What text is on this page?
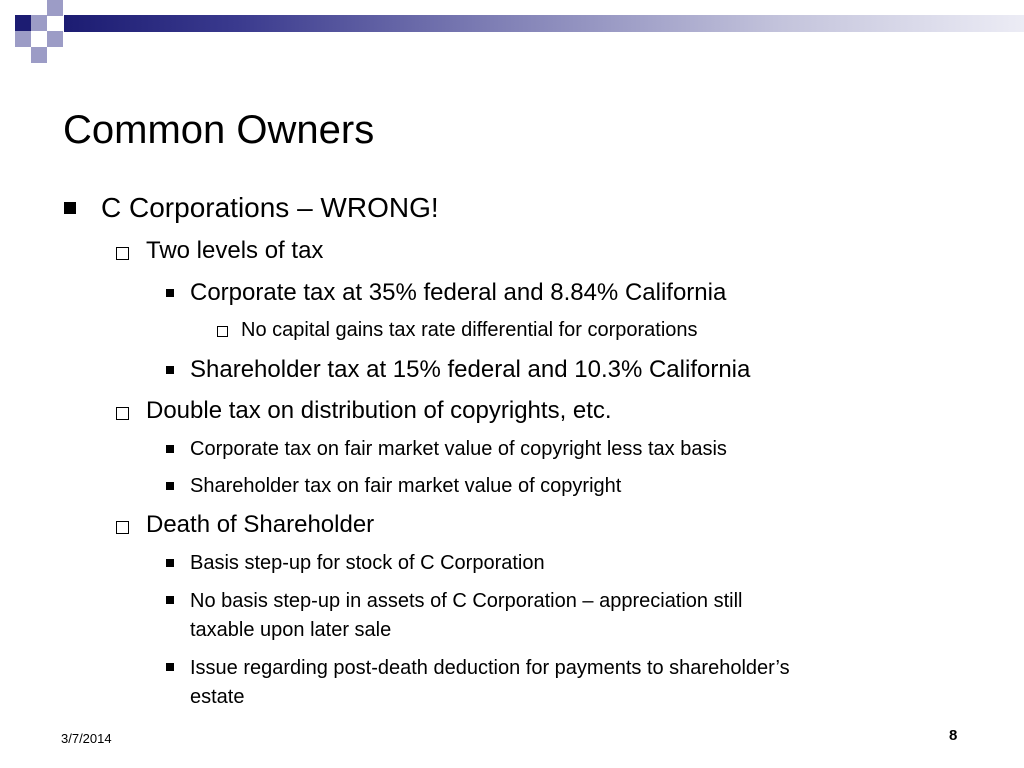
Common Owners
C Corporations – WRONG!
Two levels of tax
Corporate tax at 35% federal and 8.84% California
No capital gains tax rate differential for corporations
Shareholder tax at 15% federal and 10.3% California
Double tax on distribution of copyrights, etc.
Corporate tax on fair market value of copyright less tax basis
Shareholder tax on fair market value of copyright
Death of Shareholder
Basis step-up for stock of C Corporation
No basis step-up in assets of C Corporation – appreciation still
taxable upon later sale
Issue regarding post-death deduction for payments to shareholder’s
estate
3/7/2014	8
